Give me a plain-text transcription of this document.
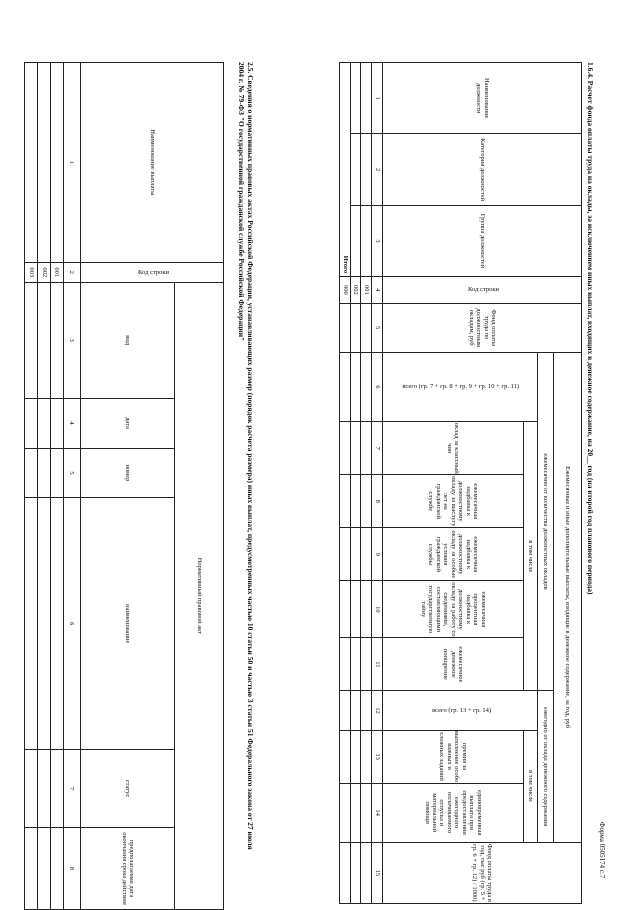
1.6.4. Расчет фонда оплаты труда на оклады, за исключением иных выплат, входящих в денежное содержание, на 20__ год (на второй год планового периода)
Форма 0505174 с.7
Наименование должности	Категория должностей	Группа должностей	Код строки	Фонд оплаты труда по должностным окладам, руб	Ежемесячные и иные дополнительные выплаты, входящие в денежное содержание, за год, руб									Фонд оплаты труда в год, тыс руб (гр. 5 + гр. 6 + гр. 12) / 1000)
					ежемесячно от количества должностных окладов						ежегодно от оклада денежного содержания			
					всего (гр. 7 + гр. 8 + гр. 9 + гр. 10 + гр. 11)	в том числе					всего (гр. 13 + гр. 14)	в том числе		
						оклад за классный чин	ежемесячная надбавка к должностному окладу за выслугу лет на гражданской службе	ежемесячная надбавка к должностному окладу за особые условия гражданской службы	ежемесячная процентная надбавка к должностному окладу за работу со сведениями, составляющими государственную тайну	ежемесячное денежное поощрение		премия за выполнение особо важных и сложных заданий	единовременная выплата при предоставлении ежегодного оплачиваемого отпуска и материальной помощи	
1	2	3	4	5	6	7	8	9	10	11	12	13	14	15
			001											
			002											
Итого			900											
2.5. Сведения о нормативных правовых актах Российской Федерации, устанавливающих размер (порядок расчета размера) иных выплат, предусмотренных частью 10 статьи 50 и частью 3 статьи 51 Федерального закона от 27 июля 2004 г. № 79-ФЗ "О государственной гражданской службе Российской Федерации"
Наименование выплаты	Код строки	Нормативный правовой акт					
		вид	дата	номер	наименование	статус	предполагаемая дата окончания срока действия
1	2	3	4	5	6	7	8
	001						
	002						
	003						
